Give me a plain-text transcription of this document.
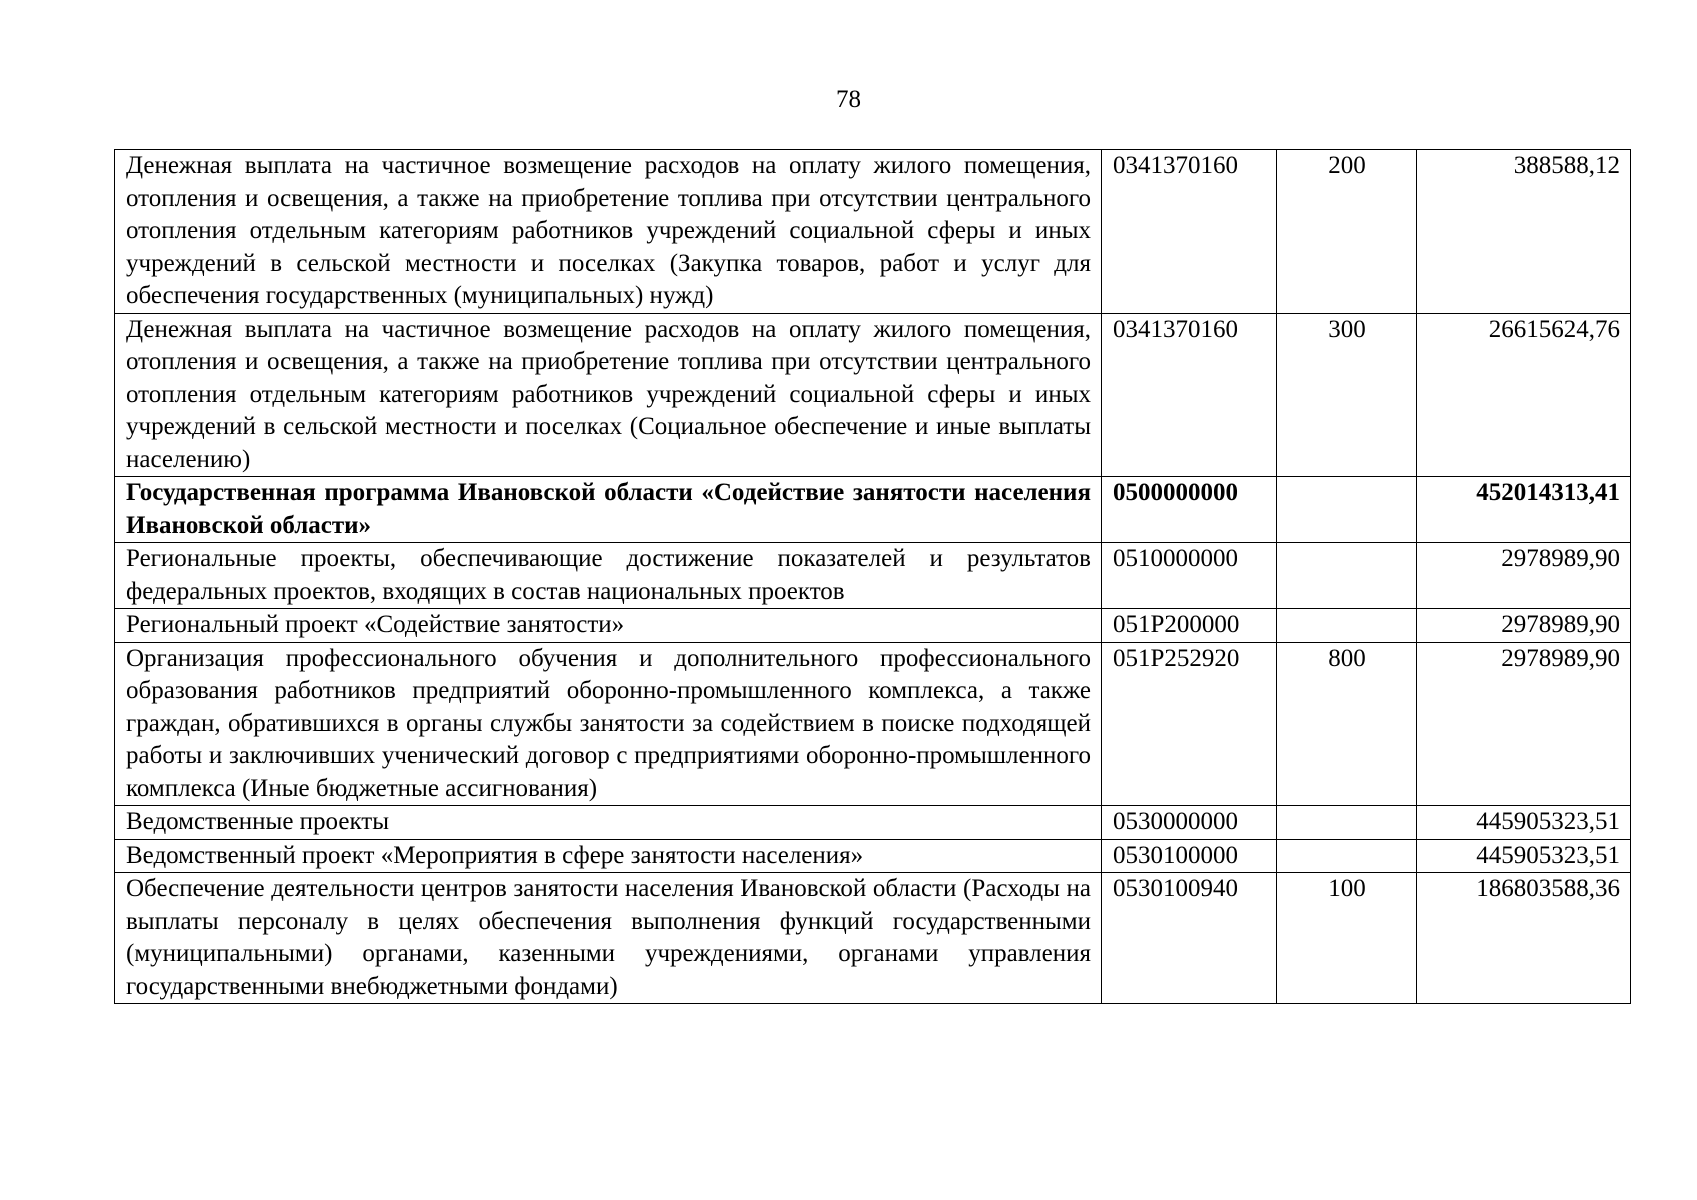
78
Денежная выплата на частичное возмещение расходов на оплату жилого помещения, отопления и освещения, а также на приобретение топлива при отсутствии центрального отопления отдельным категориям работников учреждений социальной сферы и иных учреждений в сельской местности и поселках (Закупка товаров, работ и услуг для обеспечения государственных (муниципальных) нужд)	0341370160	200	388588,12
Денежная выплата на частичное возмещение расходов на оплату жилого помещения, отопления и освещения, а также на приобретение топлива при отсутствии центрального отопления отдельным категориям работников учреждений социальной сферы и иных учреждений в сельской местности и поселках (Социальное обеспечение и иные выплаты населению)	0341370160	300	26615624,76
Государственная программа Ивановской области «Содействие занятости населения Ивановской области»	0500000000		452014313,41
Региональные проекты, обеспечивающие достижение показателей и результатов федеральных проектов, входящих в состав национальных проектов	0510000000		2978989,90
Региональный проект «Содействие занятости»	051P200000		2978989,90
Организация профессионального обучения и дополнительного профессионального образования работников предприятий оборонно-промышленного комплекса, а также граждан, обратившихся в органы службы занятости за содействием в поиске подходящей работы и заключивших ученический договор с предприятиями оборонно-промышленного комплекса (Иные бюджетные ассигнования)	051P252920	800	2978989,90
Ведомственные проекты	0530000000		445905323,51
Ведомственный проект «Мероприятия в сфере занятости населения»	0530100000		445905323,51
Обеспечение деятельности центров занятости населения Ивановской области (Расходы на выплаты персоналу в целях обеспечения выполнения функций государственными (муниципальными) органами, казенными учреждениями, органами управления государственными внебюджетными фондами)	0530100940	100	186803588,36
